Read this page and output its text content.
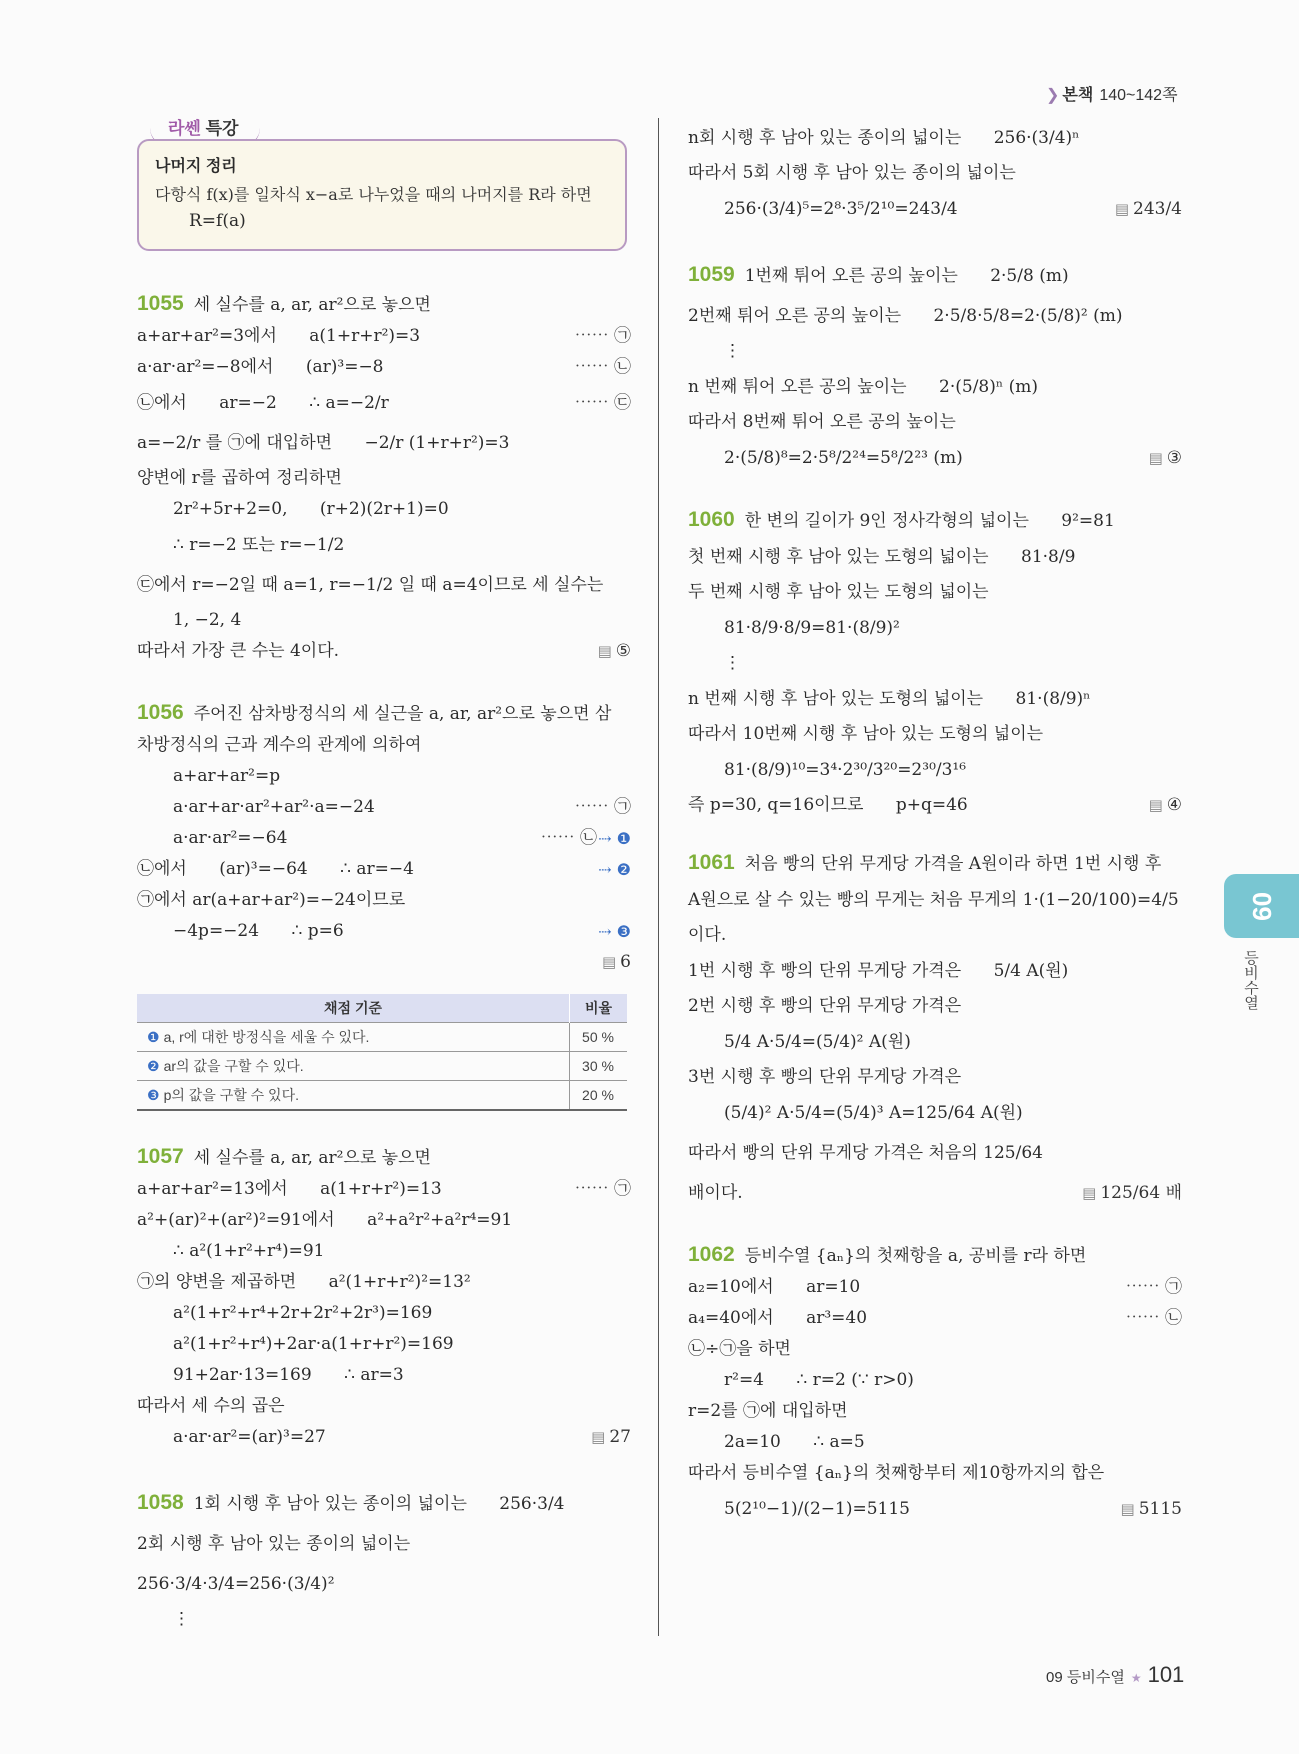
❯ 본책 140~142쪽
라쎈 특강
나머지 정리
다항식 f(x)를 일차식 x−a로 나누었을 때의 나머지를 R라 하면
R=f(a)
1055 세 실수를 a, ar, ar²으로 놓으면
a+ar+ar²=3에서      a(1+r+r²)=3	⋯⋯ ㉠
a·ar·ar²=−8에서      (ar)³=−8	⋯⋯ ㉡
㉡에서      ar=−2      ∴ a=−2/r	⋯⋯ ㉢
a=−2/r 를 ㉠에 대입하면      −2/r (1+r+r²)=3
양변에 r를 곱하여 정리하면
2r²+5r+2=0,      (r+2)(2r+1)=0
∴ r=−2 또는 r=−1/2
㉢에서 r=−2일 때 a=1, r=−1/2 일 때 a=4이므로 세 실수는
1, −2, 4
따라서 가장 큰 수는 4이다.	▤ ⑤
1056 주어진 삼차방정식의 세 실근을 a, ar, ar²으로 놓으면 삼
차방정식의 근과 계수의 관계에 의하여
a+ar+ar²=p
a·ar+ar·ar²+ar²·a=−24	⋯⋯ ㉠
a·ar·ar²=−64	⋯⋯ ㉡ ⇢ ❶
㉡에서      (ar)³=−64      ∴ ar=−4	⇢ ❷
㉠에서 ar(a+ar+ar²)=−24이므로
−4p=−24      ∴ p=6	⇢ ❸
▤ 6
채점 기준	비율
❶ a, r에 대한 방정식을 세울 수 있다.	50 %
❷ ar의 값을 구할 수 있다.	30 %
❸ p의 값을 구할 수 있다.	20 %
1057 세 실수를 a, ar, ar²으로 놓으면
a+ar+ar²=13에서      a(1+r+r²)=13	⋯⋯ ㉠
a²+(ar)²+(ar²)²=91에서      a²+a²r²+a²r⁴=91
∴ a²(1+r²+r⁴)=91
㉠의 양변을 제곱하면      a²(1+r+r²)²=13²
a²(1+r²+r⁴+2r+2r²+2r³)=169
a²(1+r²+r⁴)+2ar·a(1+r+r²)=169
91+2ar·13=169      ∴ ar=3
따라서 세 수의 곱은
a·ar·ar²=(ar)³=27	▤ 27
1058 1회 시행 후 남아 있는 종이의 넓이는      256·3/4
2회 시행 후 남아 있는 종이의 넓이는      256·3/4·3/4=256·(3/4)²
⋮
n회 시행 후 남아 있는 종이의 넓이는      256·(3/4)ⁿ
따라서 5회 시행 후 남아 있는 종이의 넓이는
256·(3/4)⁵=2⁸·3⁵/2¹⁰=243/4	▤ 243/4
1059 1번째 튀어 오른 공의 높이는      2·5/8 (m)
2번째 튀어 오른 공의 높이는      2·5/8·5/8=2·(5/8)² (m)
⋮
n 번째 튀어 오른 공의 높이는      2·(5/8)ⁿ (m)
따라서 8번째 튀어 오른 공의 높이는
2·(5/8)⁸=2·5⁸/2²⁴=5⁸/2²³ (m)	▤ ③
1060 한 변의 길이가 9인 정사각형의 넓이는      9²=81
첫 번째 시행 후 남아 있는 도형의 넓이는      81·8/9
두 번째 시행 후 남아 있는 도형의 넓이는
81·8/9·8/9=81·(8/9)²
⋮
n 번째 시행 후 남아 있는 도형의 넓이는      81·(8/9)ⁿ
따라서 10번째 시행 후 남아 있는 도형의 넓이는
81·(8/9)¹⁰=3⁴·2³⁰/3²⁰=2³⁰/3¹⁶
즉 p=30, q=16이므로      p+q=46	▤ ④
1061 처음 빵의 단위 무게당 가격을 A원이라 하면 1번 시행 후
A원으로 살 수 있는 빵의 무게는 처음 무게의 1·(1−20/100)=4/5
이다.
1번 시행 후 빵의 단위 무게당 가격은      5/4 A(원)
2번 시행 후 빵의 단위 무게당 가격은
5/4 A·5/4=(5/4)² A(원)
3번 시행 후 빵의 단위 무게당 가격은
(5/4)² A·5/4=(5/4)³ A=125/64 A(원)
따라서 빵의 단위 무게당 가격은 처음의 125/64 배이다.	▤ 125/64 배
1062 등비수열 {aₙ}의 첫째항을 a, 공비를 r라 하면
a₂=10에서      ar=10	⋯⋯ ㉠
a₄=40에서      ar³=40	⋯⋯ ㉡
㉡÷㉠을 하면
r²=4      ∴ r=2 (∵ r>0)
r=2를 ㉠에 대입하면
2a=10      ∴ a=5
따라서 등비수열 {aₙ}의 첫째항부터 제10항까지의 합은
5(2¹⁰−1)/(2−1)=5115	▤ 5115
09
등비수열
09 등비수열 ★ 101
